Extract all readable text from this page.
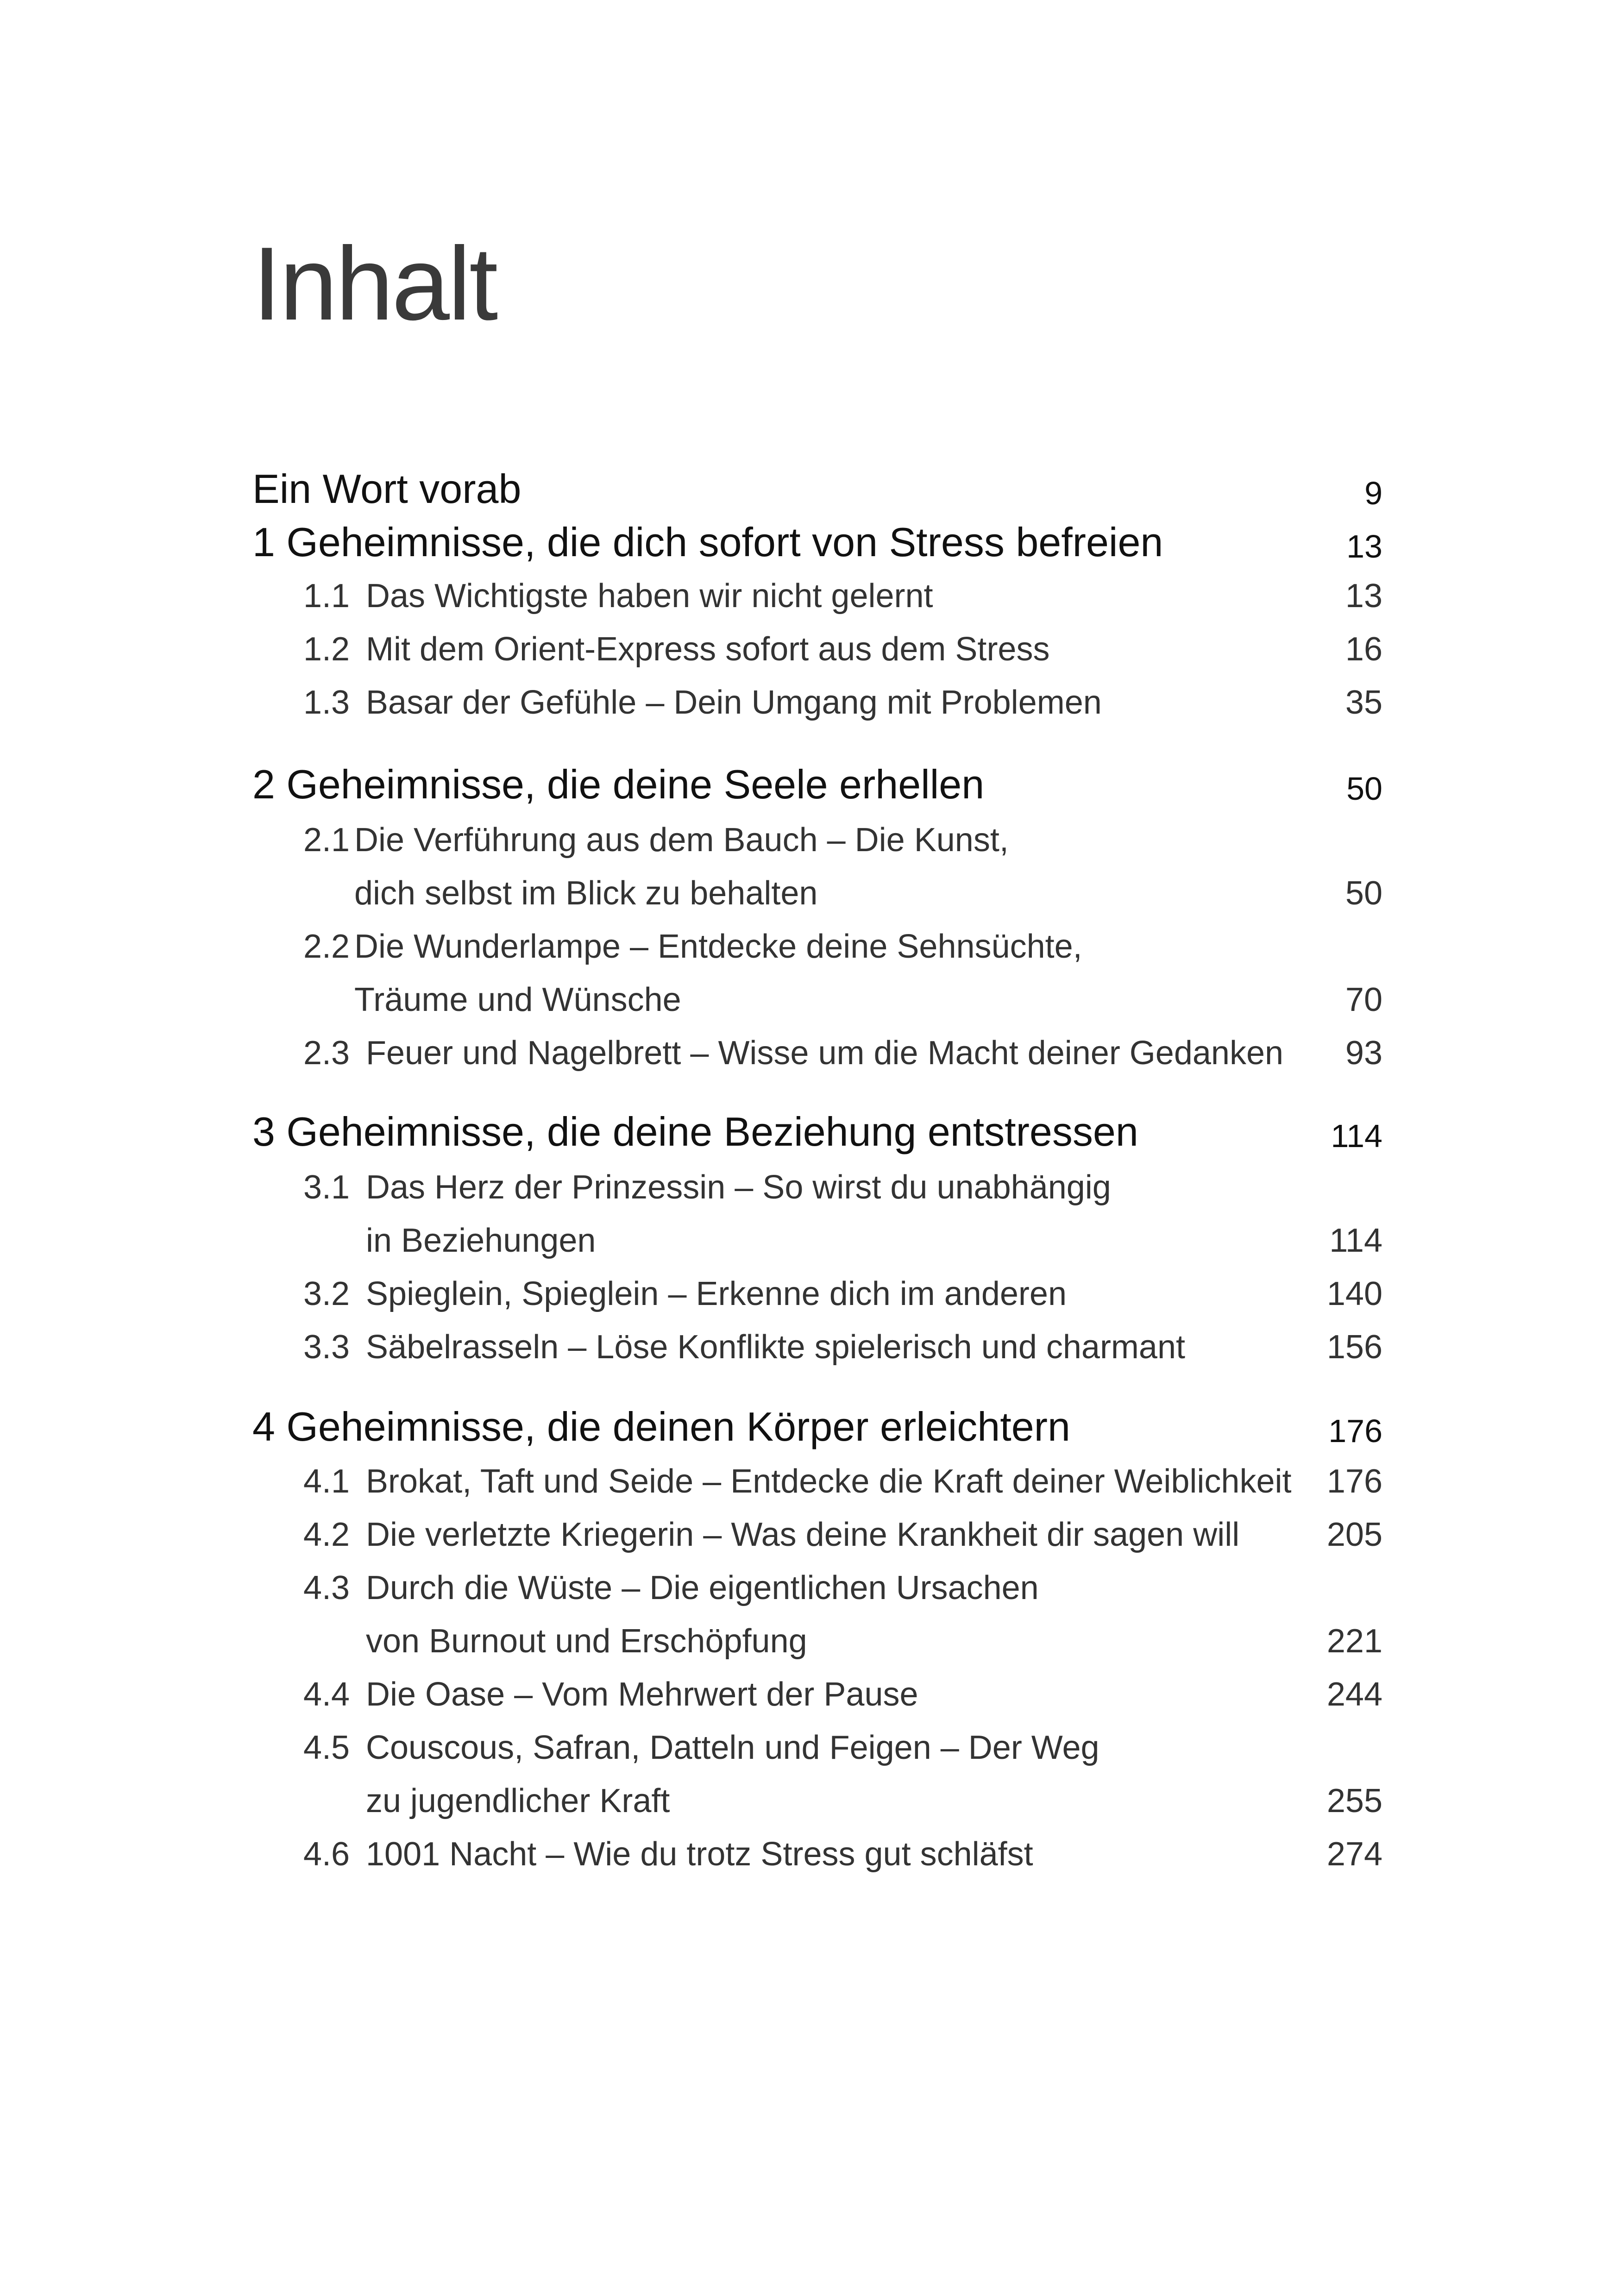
Inhalt
Ein Wort vorab	9
1 Geheimnisse, die dich sofort von Stress befreien	13
1.1 Das Wichtigste haben wir nicht gelernt	13
1.2 Mit dem Orient-Express sofort aus dem Stress	16
1.3 Basar der Gefühle – Dein Umgang mit Problemen	35
2 Geheimnisse, die deine Seele erhellen	50
2.1 Die Verführung aus dem Bauch – Die Kunst,
dich selbst im Blick zu behalten	50
2.2 Die Wunderlampe – Entdecke deine Sehnsüchte,
Träume und Wünsche	70
2.3 Feuer und Nagelbrett – Wisse um die Macht deiner Gedanken 93
3 Geheimnisse, die deine Beziehung entstressen	114
3.1 Das Herz der Prinzessin – So wirst du unabhängig
in Beziehungen	114
3.2 Spieglein, Spieglein – Erkenne dich im anderen	140
3.3 Säbelrasseln – Löse Konflikte spielerisch und charmant	156
4 Geheimnisse, die deinen Körper erleichtern	176
4.1 Brokat, Taft und Seide – Entdecke die Kraft deiner Weiblichkeit 176
4.2 Die verletzte Kriegerin – Was deine Krankheit dir sagen will	205
4.3 Durch die Wüste – Die eigentlichen Ursachen
von Burnout und Erschöpfung	221
4.4 Die Oase – Vom Mehrwert der Pause	244
4.5 Couscous, Safran, Datteln und Feigen – Der Weg
zu jugendlicher Kraft	255
4.6 1001 Nacht – Wie du trotz Stress gut schläfst	274
